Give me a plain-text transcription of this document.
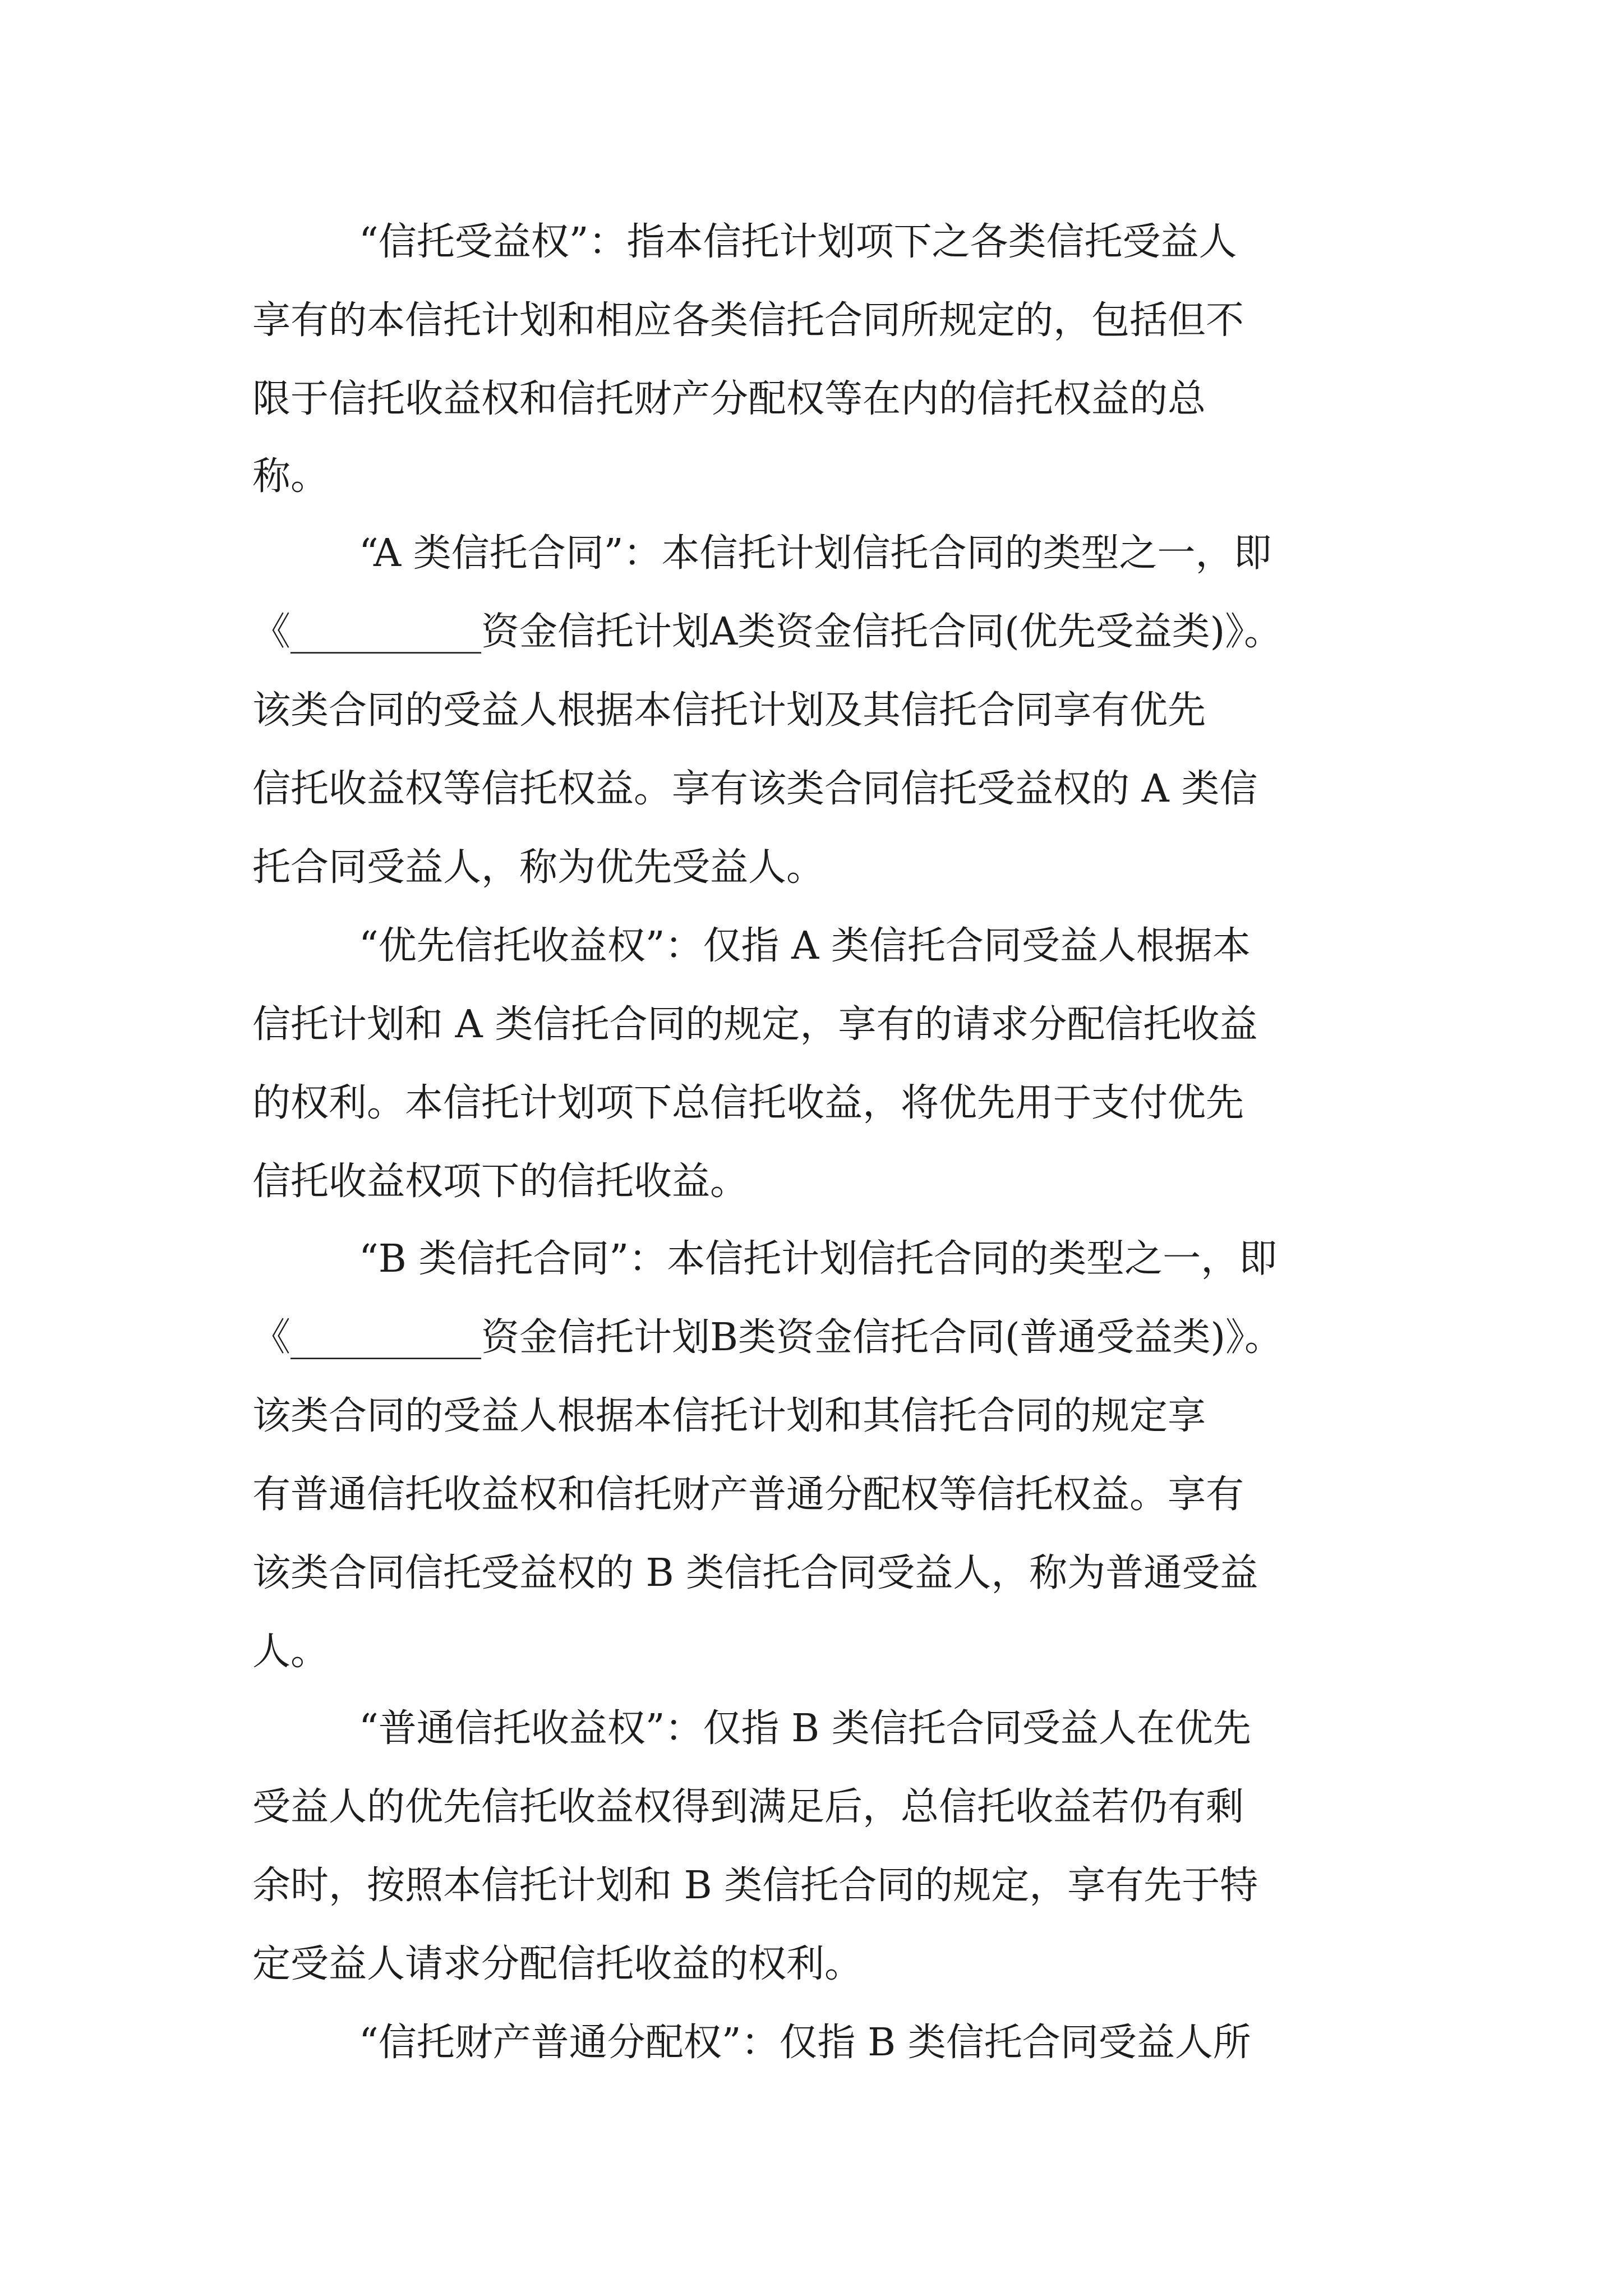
“信托受益权”：指本信托计划项下之各类信托受益人
享有的本信托计划和相应各类信托合同所规定的，包括但不
限于信托收益权和信托财产分配权等在内的信托权益的总
称。
“A 类信托合同”：本信托计划信托合同的类型之一，即
《__________资金信托计划A类资金信托合同(优先受益类)》。
该类合同的受益人根据本信托计划及其信托合同享有优先
信托收益权等信托权益。享有该类合同信托受益权的 A 类信
托合同受益人，称为优先受益人。
“优先信托收益权”：仅指 A 类信托合同受益人根据本
信托计划和 A 类信托合同的规定，享有的请求分配信托收益
的权利。本信托计划项下总信托收益，将优先用于支付优先
信托收益权项下的信托收益。
“B 类信托合同”：本信托计划信托合同的类型之一，即
《__________资金信托计划B类资金信托合同(普通受益类)》。
该类合同的受益人根据本信托计划和其信托合同的规定享
有普通信托收益权和信托财产普通分配权等信托权益。享有
该类合同信托受益权的 B 类信托合同受益人，称为普通受益
人。
“普通信托收益权”：仅指 B 类信托合同受益人在优先
受益人的优先信托收益权得到满足后，总信托收益若仍有剩
余时，按照本信托计划和 B 类信托合同的规定，享有先于特
定受益人请求分配信托收益的权利。
“信托财产普通分配权”：仅指 B 类信托合同受益人所
